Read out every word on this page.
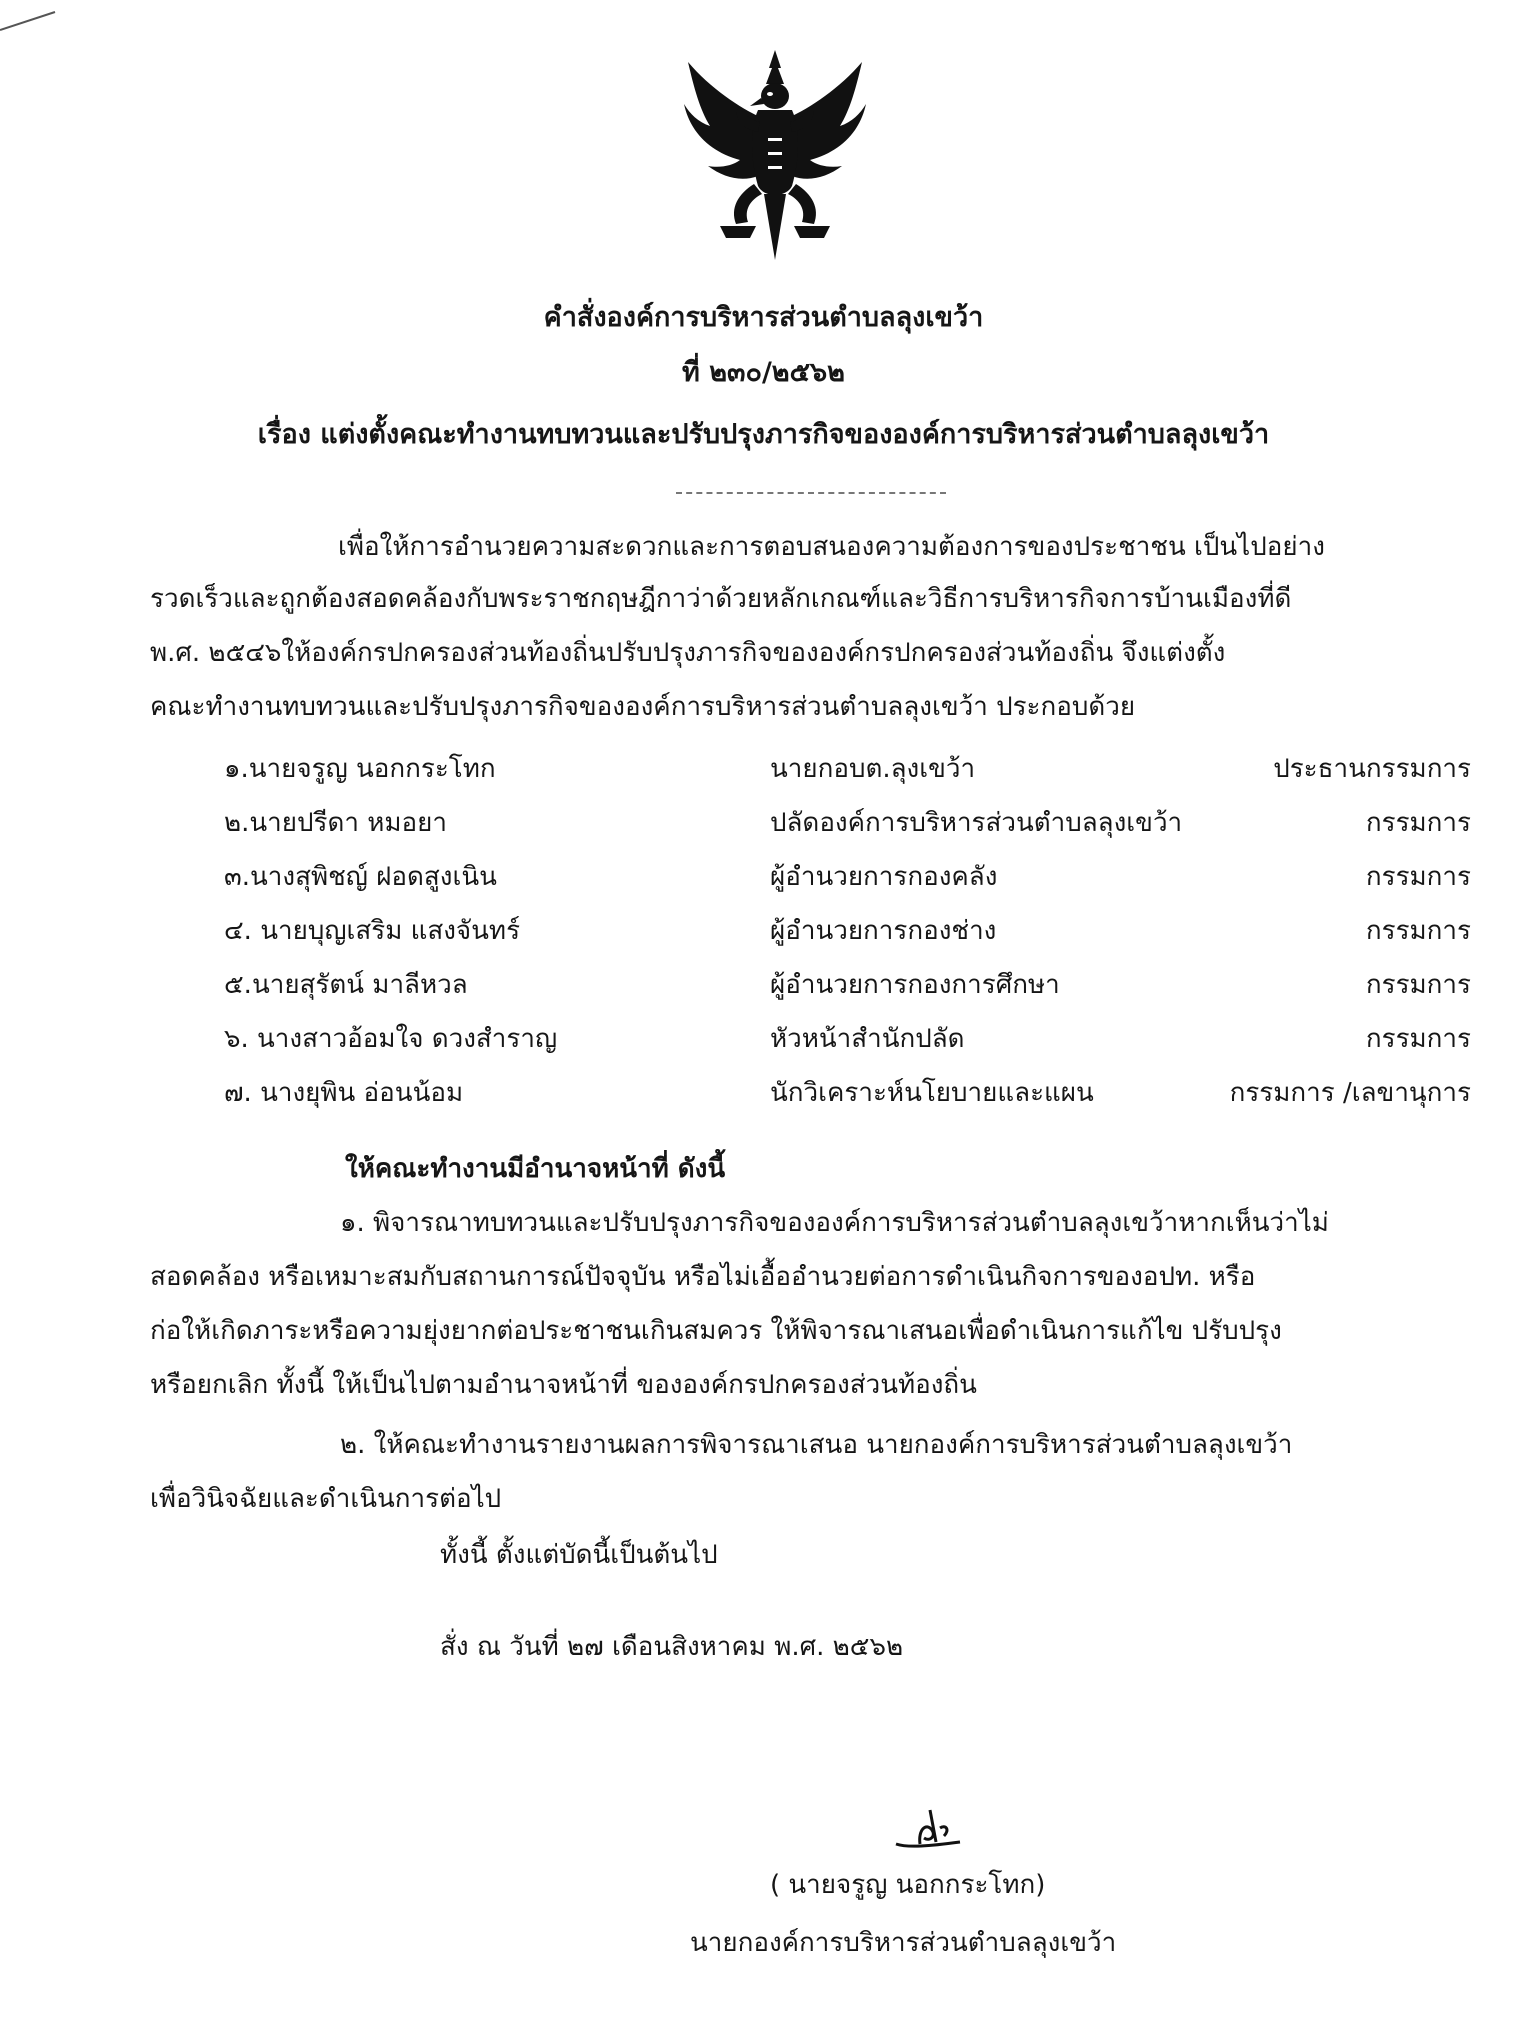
คำสั่งองค์การบริหารส่วนตำบลลุงเขว้า
ที่ ๒๓๐/๒๕๖๒
เรื่อง แต่งตั้งคณะทำงานทบทวนและปรับปรุงภารกิจขององค์การบริหารส่วนตำบลลุงเขว้า
เพื่อให้การอำนวยความสะดวกและการตอบสนองความต้องการของประชาชน เป็นไปอย่าง
รวดเร็วและถูกต้องสอดคล้องกับพระราชกฤษฎีกาว่าด้วยหลักเกณฑ์และวิธีการบริหารกิจการบ้านเมืองที่ดี
พ.ศ. ๒๕๔๖ให้องค์กรปกครองส่วนท้องถิ่นปรับปรุงภารกิจขององค์กรปกครองส่วนท้องถิ่น จึงแต่งตั้ง
คณะทำงานทบทวนและปรับปรุงภารกิจขององค์การบริหารส่วนตำบลลุงเขว้า ประกอบด้วย
๑.นายจรูญ นอกกระโทก	นายกอบต.ลุงเขว้า	ประธานกรรมการ
๒.นายปรีดา หมอยา	ปลัดองค์การบริหารส่วนตำบลลุงเขว้า	กรรมการ
๓.นางสุพิชญ์ ฝอดสูงเนิน	ผู้อำนวยการกองคลัง	กรรมการ
๔. นายบุญเสริม แสงจันทร์	ผู้อำนวยการกองช่าง	กรรมการ
๕.นายสุรัตน์ มาลีหวล	ผู้อำนวยการกองการศึกษา	กรรมการ
๖. นางสาวอ้อมใจ ดวงสำราญ	หัวหน้าสำนักปลัด	กรรมการ
๗. นางยุพิน อ่อนน้อม	นักวิเคราะห์นโยบายและแผน	กรรมการ /เลขานุการ
ให้คณะทำงานมีอำนาจหน้าที่ ดังนี้
๑. พิจารณาทบทวนและปรับปรุงภารกิจขององค์การบริหารส่วนตำบลลุงเขว้าหากเห็นว่าไม่
สอดคล้อง หรือเหมาะสมกับสถานการณ์ปัจจุบัน หรือไม่เอื้ออำนวยต่อการดำเนินกิจการของอปท. หรือ
ก่อให้เกิดภาระหรือความยุ่งยากต่อประชาชนเกินสมควร ให้พิจารณาเสนอเพื่อดำเนินการแก้ไข ปรับปรุง
หรือยกเลิก ทั้งนี้ ให้เป็นไปตามอำนาจหน้าที่ ขององค์กรปกครองส่วนท้องถิ่น
๒. ให้คณะทำงานรายงานผลการพิจารณาเสนอ นายกองค์การบริหารส่วนตำบลลุงเขว้า
เพื่อวินิจฉัยและดำเนินการต่อไป
ทั้งนี้ ตั้งแต่บัดนี้เป็นต้นไป
สั่ง ณ วันที่ ๒๗ เดือนสิงหาคม พ.ศ. ๒๕๖๒
( นายจรูญ นอกกระโทก)
นายกองค์การบริหารส่วนตำบลลุงเขว้า
